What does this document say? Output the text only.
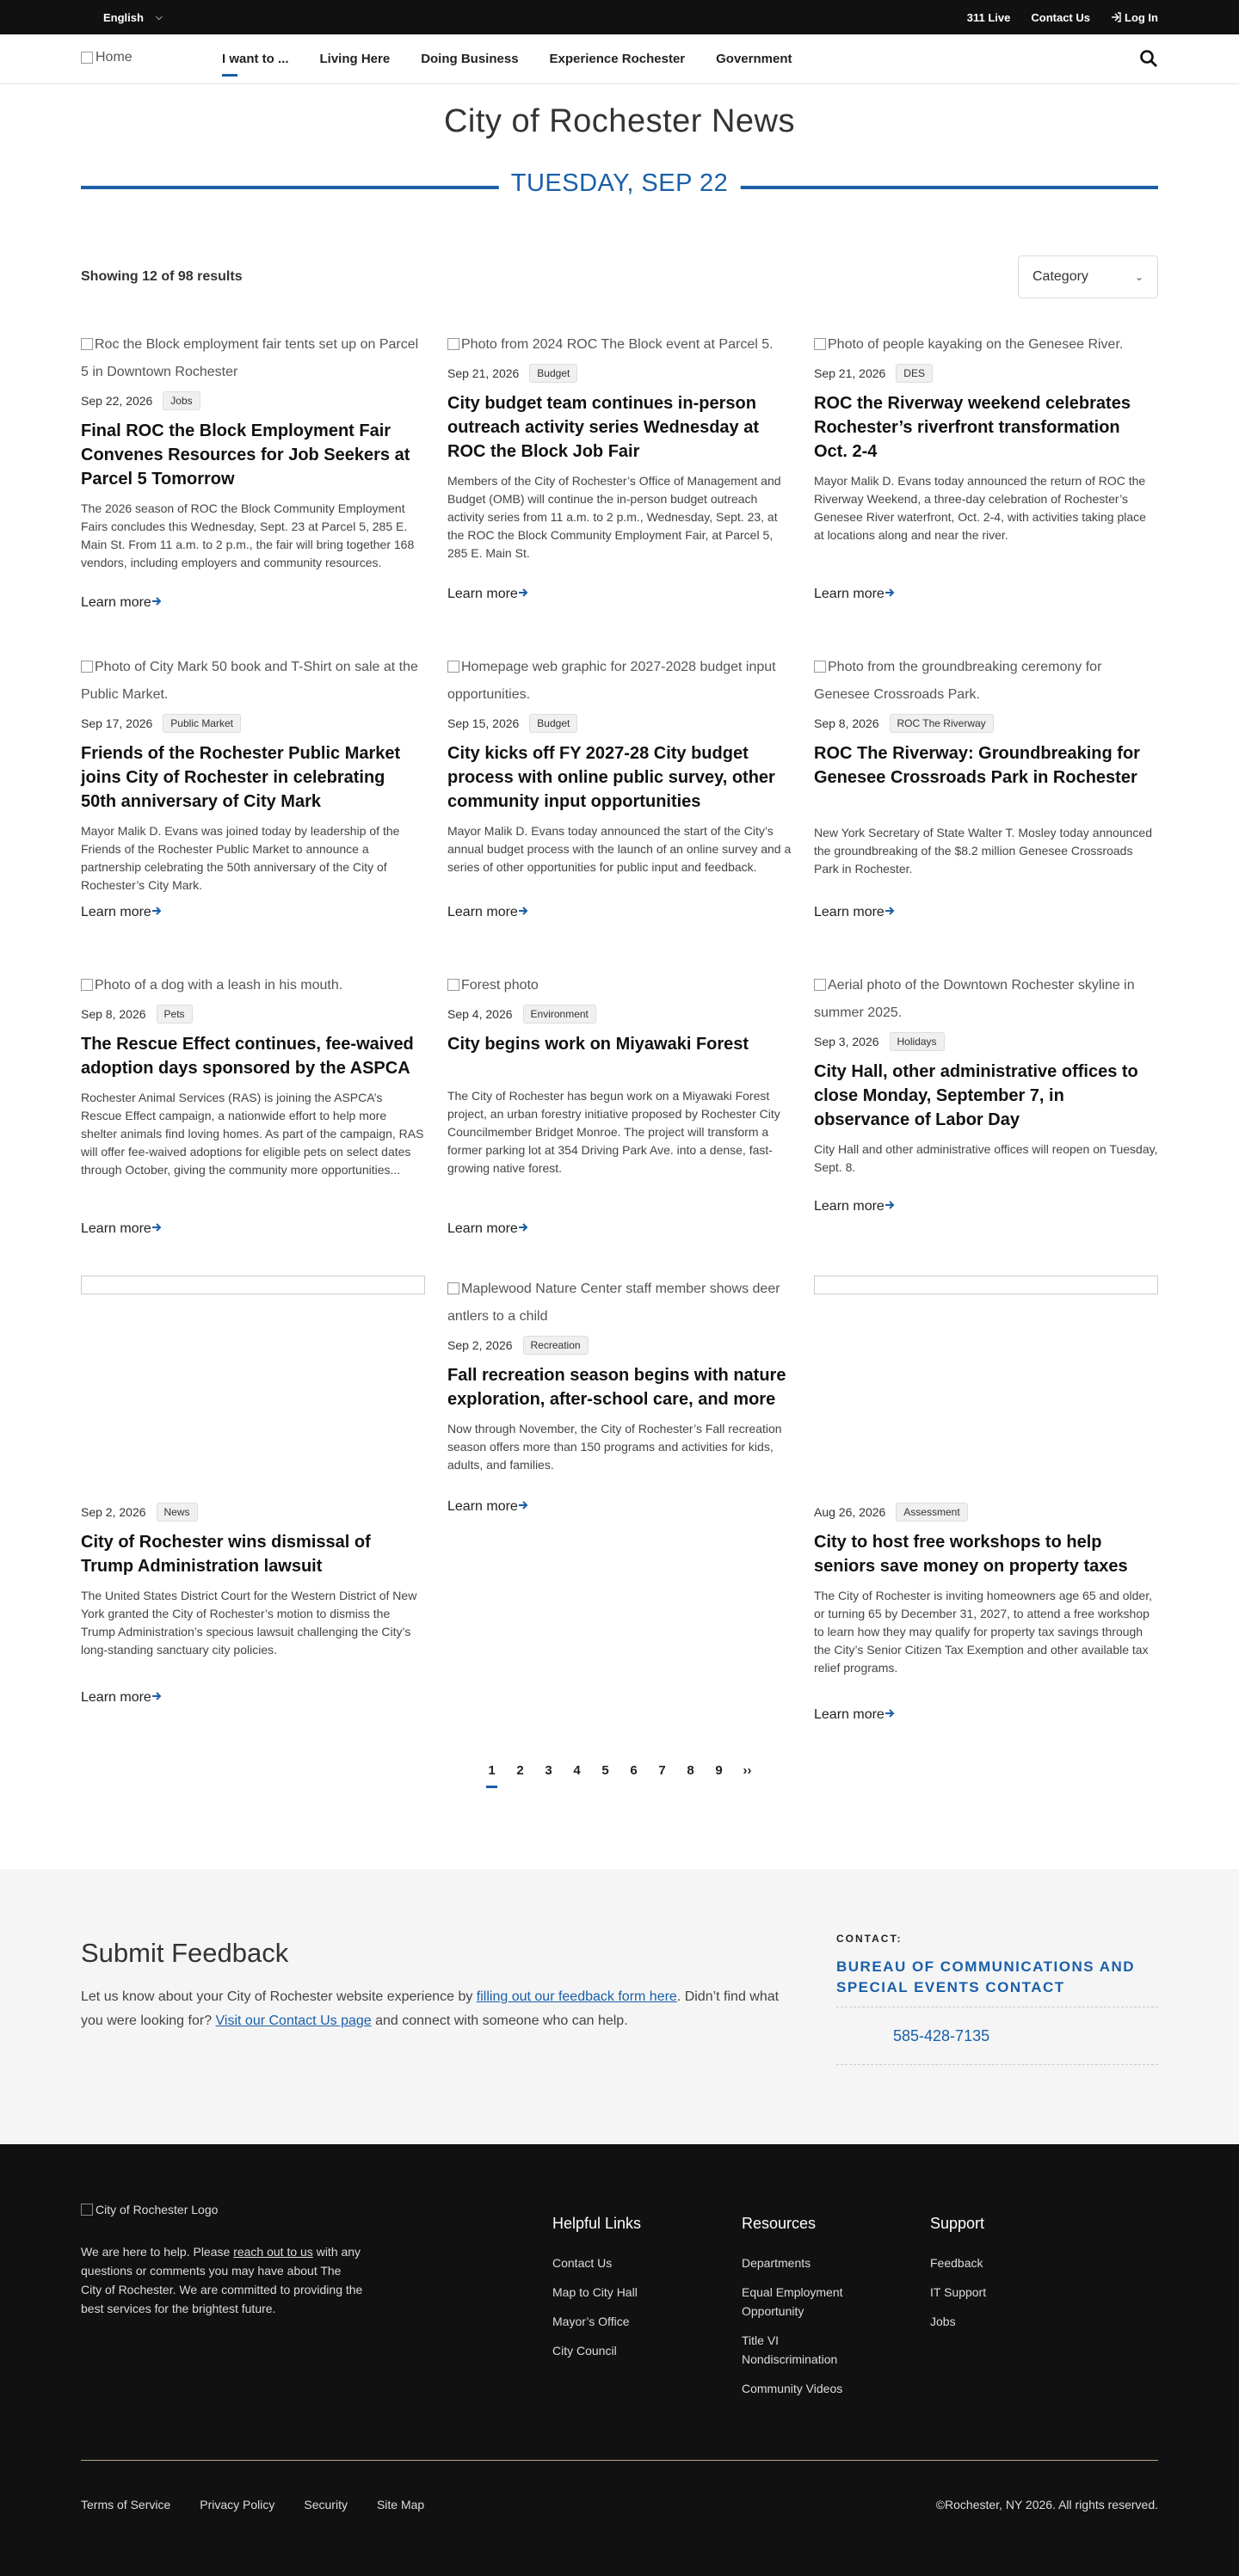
English ⌵	311 Live Contact Us	Log In
Home	I want to ... Living Here Doing Business Experience Rochester Government
City of Rochester News
TUESDAY, SEP 22
Showing 12 of 98 results	Category	⌄
Roc the Block employment fair tents set up on Parcel 5 in Downtown Rochester
Sep 22, 2026	Jobs
Final ROC the Block Employment Fair Convenes Resources for Job Seekers at Parcel 5 Tomorrow
The 2026 season of ROC the Block Community Employment Fairs concludes this Wednesday, Sept. 23 at Parcel 5, 285 E. Main St. From 11 a.m. to 2 p.m., the fair will bring together 168 vendors, including employers and community resources.
Learn more
Photo from 2024 ROC The Block event at Parcel 5.
Sep 21, 2026	Budget
City budget team continues in-person outreach activity series Wednesday at ROC the Block Job Fair
Members of the City of Rochester’s Office of Management and Budget (OMB) will continue the in-person budget outreach activity series from 11 a.m. to 2 p.m., Wednesday, Sept. 23, at the ROC the Block Community Employment Fair, at Parcel 5, 285 E. Main St.
Learn more
Photo of people kayaking on the Genesee River.
Sep 21, 2026	DES
ROC the Riverway weekend celebrates Rochester’s riverfront transformation Oct. 2-4
Mayor Malik D. Evans today announced the return of ROC the Riverway Weekend, a three-day celebration of Rochester’s Genesee River waterfront, Oct. 2-4, with activities taking place at locations along and near the river.
Learn more
Photo of City Mark 50 book and T-Shirt on sale at the Public Market.
Sep 17, 2026	Public Market
Friends of the Rochester Public Market joins City of Rochester in celebrating 50th anniversary of City Mark
Mayor Malik D. Evans was joined today by leadership of the Friends of the Rochester Public Market to announce a partnership celebrating the 50th anniversary of the City of Rochester’s City Mark.
Learn more
Homepage web graphic for 2027-2028 budget input opportunities.
Sep 15, 2026	Budget
City kicks off FY 2027-28 City budget process with online public survey, other community input opportunities
Mayor Malik D. Evans today announced the start of the City’s annual budget process with the launch of an online survey and a series of other opportunities for public input and feedback.
Learn more
Photo from the groundbreaking ceremony for Genesee Crossroads Park.
Sep 8, 2026	ROC The Riverway
ROC The Riverway: Groundbreaking for Genesee Crossroads Park in Rochester
New York Secretary of State Walter T. Mosley today announced the groundbreaking of the $8.2 million Genesee Crossroads Park in Rochester.
Learn more
Photo of a dog with a leash in his mouth.
Sep 8, 2026	Pets
The Rescue Effect continues, fee-waived adoption days sponsored by the ASPCA
Rochester Animal Services (RAS) is joining the ASPCA’s Rescue Effect campaign, a nationwide effort to help more shelter animals find loving homes. As part of the campaign, RAS will offer fee-waived adoptions for eligible pets on select dates through October, giving the community more opportunities...
Learn more
Forest photo
Sep 4, 2026	Environment
City begins work on Miyawaki Forest
The City of Rochester has begun work on a Miyawaki Forest project, an urban forestry initiative proposed by Rochester City Councilmember Bridget Monroe. The project will transform a former parking lot at 354 Driving Park Ave. into a dense, fast-growing native forest.
Learn more
Aerial photo of the Downtown Rochester skyline in summer 2025.
Sep 3, 2026	Holidays
City Hall, other administrative offices to close Monday, September 7, in observance of Labor Day
City Hall and other administrative offices will reopen on Tuesday, Sept. 8.
Learn more
Sep 2, 2026	News
City of Rochester wins dismissal of Trump Administration lawsuit
The United States District Court for the Western District of New York granted the City of Rochester’s motion to dismiss the Trump Administration’s specious lawsuit challenging the City’s long-standing sanctuary city policies.
Learn more
Maplewood Nature Center staff member shows deer antlers to a child
Sep 2, 2026	Recreation
Fall recreation season begins with nature exploration, after-school care, and more
Now through November, the City of Rochester’s Fall recreation season offers more than 150 programs and activities for kids, adults, and families.
Learn more	Aug 26, 2026	Assessment
City to host free workshops to help seniors save money on property taxes
The City of Rochester is inviting homeowners age 65 and older, or turning 65 by December 31, 2027, to attend a free workshop to learn how they may qualify for property tax savings through the City’s Senior Citizen Tax Exemption and other available tax relief programs.
Learn more
1	2	3	4	5	6	7	8	9	››
Submit Feedback

Let us know about your City of Rochester website experience by filling out our feedback form here. Didn’t find what you were looking for? Visit our Contact Us page and connect with someone who can help.

CONTACT:
BUREAU OF COMMUNICATIONS AND SPECIAL EVENTS CONTACT
585-428-7135
City of Rochester Logo

We are here to help. Please reach out to us with any questions or comments you may have about The City of Rochester. We are committed to providing the best services for the brightest future.

Helpful Links
Contact Us
Map to City Hall
Mayor’s Office
City Council
Resources
Departments
Equal Employment Opportunity
Title VI Nondiscrimination
Community Videos
Support
Feedback
IT Support
Jobs
Terms of Service Privacy Policy Security Site Map	©Rochester, NY 2026. All rights reserved.
